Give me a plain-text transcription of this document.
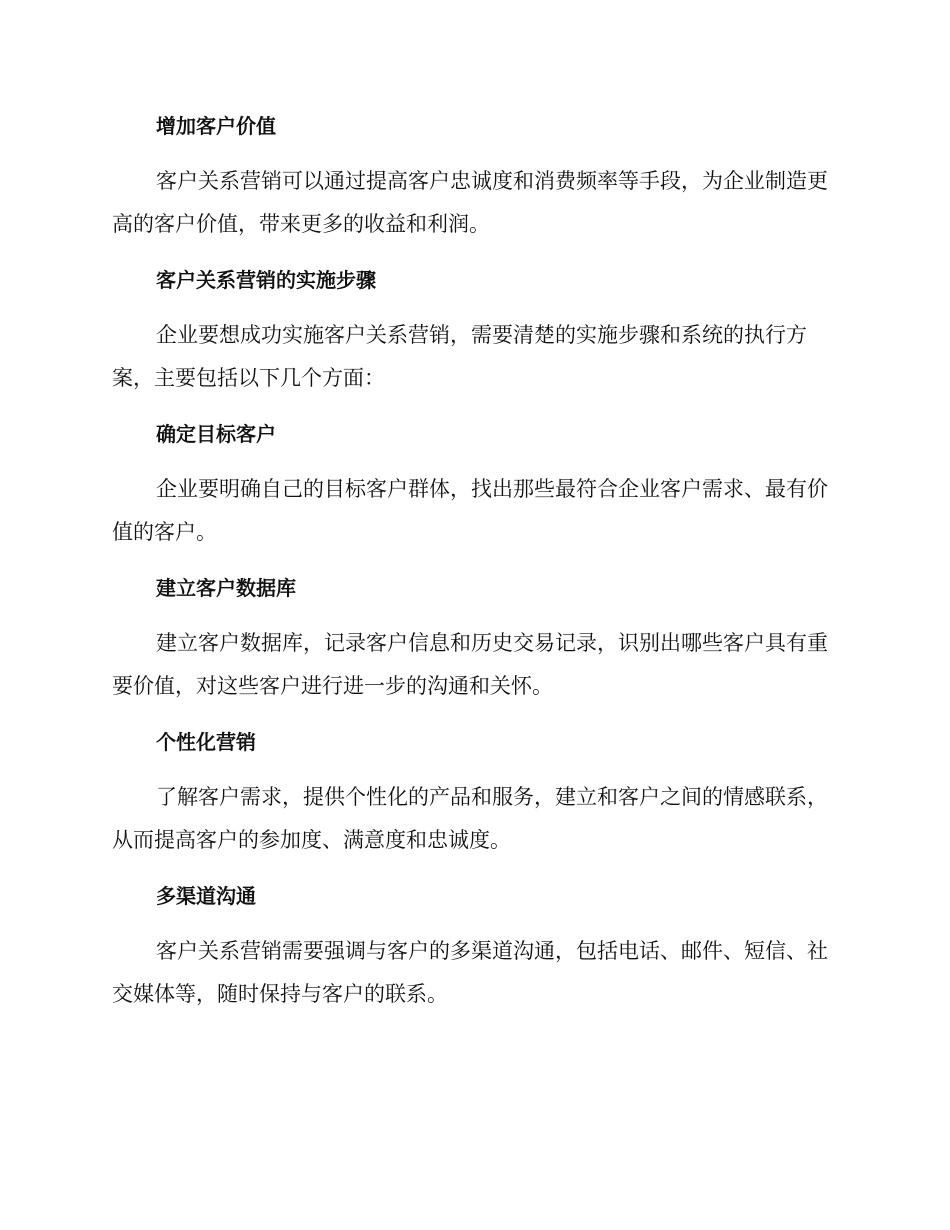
增加客户价值

客户关系营销可以通过提高客户忠诚度和消费频率等手段，为企业制造更高的客户价值，带来更多的收益和利润。

客户关系营销的实施步骤

企业要想成功实施客户关系营销，需要清楚的实施步骤和系统的执行方案，主要包括以下几个方面：

确定目标客户

企业要明确自己的目标客户群体，找出那些最符合企业客户需求、最有价值的客户。

建立客户数据库

建立客户数据库，记录客户信息和历史交易记录，识别出哪些客户具有重要价值，对这些客户进行进一步的沟通和关怀。

个性化营销

了解客户需求，提供个性化的产品和服务，建立和客户之间的情感联系，从而提高客户的参加度、满意度和忠诚度。

多渠道沟通

客户关系营销需要强调与客户的多渠道沟通，包括电话、邮件、短信、社交媒体等，随时保持与客户的联系。
